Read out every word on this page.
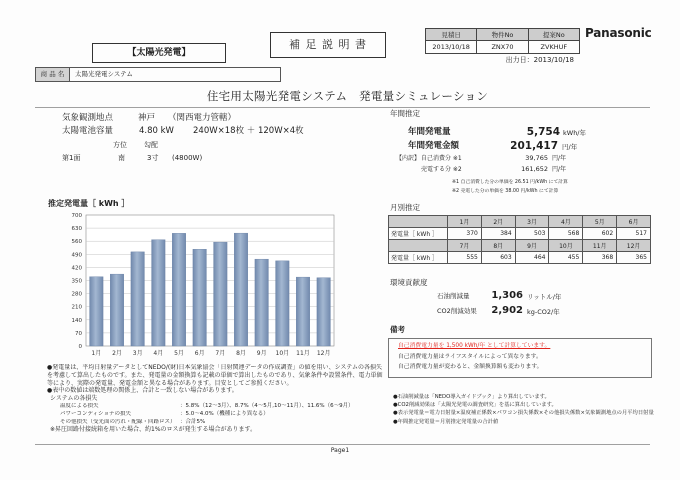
【太陽光発電】
補 足 説 明 書
見積日	物件No	提案No
2013/10/18	ZNX70	ZVKHUF
Panasonic
出力日：2013/10/18
商 品 名	太陽光発電システム
住宅用太陽光発電システム　発電量シミュレーション
気象観測地点	神戸 （関西電力管轄）
太陽電池容量	4.80 kW 240W×18枚 ＋ 120W×4枚
方位 勾配
第1面	南	3寸 (4800W)
年間推定
年間発電量	5,754 kWh/年
年間発電金額	201,417 円/年
【内訳】 自己消費分 ※1	39,765 円/年
売電する分 ※2	161,652 円/年
※1 自己消費した分の単価を 26.51 円/kWh にて計算
※2 売電した分の単価を 38.00 円/kWh にて計算
推定発電量［ kWh ］
0
70
140
210
280
350
420
490
560
630
700
1月 2月 3月 4月 5月 6月 7月 8月 9月 10月 11月 12月
月別推定
	1月	2月	3月	4月	5月	6月
発電量［ kWh ］	370	384	503	568	602	517
	7月	8月	9月	10月	11月	12月
発電量［ kWh ］	555	603	464	455	368	365
環境貢献度
石油削減量	1,306 リットル/年
CO2削減効果	2,902 kg-CO2/年
備考
自己消費電力量を 1,500 kWh/年 として計算しています。
自己消費電力量はライフスタイルによって異なります。
自己消費電力量が変わると、金額換算額も変わります。
●発電量は、平均日射量データとしてNEDO/(財)日本気象協会「日射関連データの作成調査」の値を用い、システムの各損失を考慮して算出したものです。また、発電量の金額換算も記載の単価で算出したものであり、気象条件や設置条件、電力単価等により、実際の発電量、発電金額と異なる場合があります。目安としてご参照ください。
●表中の数値は端数処理の関係上、合計と一致しない場合があります。
システムの各損失
温度による損失	：5.8%（12～3月）、8.7%（4～5月,10～11月）、11.6%（6～9月）
パワーコンディショナの損失	：5.0～4.0%（機種により異なる）
その他損失（受光面の汚れ・配線・回路ロス） ：合計5%
※昇圧回路付接続箱を用いた場合、約1%のロスが発生する場合があります。
●石油削減量は「NEDO導入ガイドブック」より算出しています。
●CO2削減効果は「太陽光発電の調査研究」を基に算出しています。
●表示発電量＝電力日射量×温度補正係数×パワコン損失係数×その他損失係数×気象観測地点の月平均日射量
●年間推定発電量＝月別推定発電量の合計値
Page1
